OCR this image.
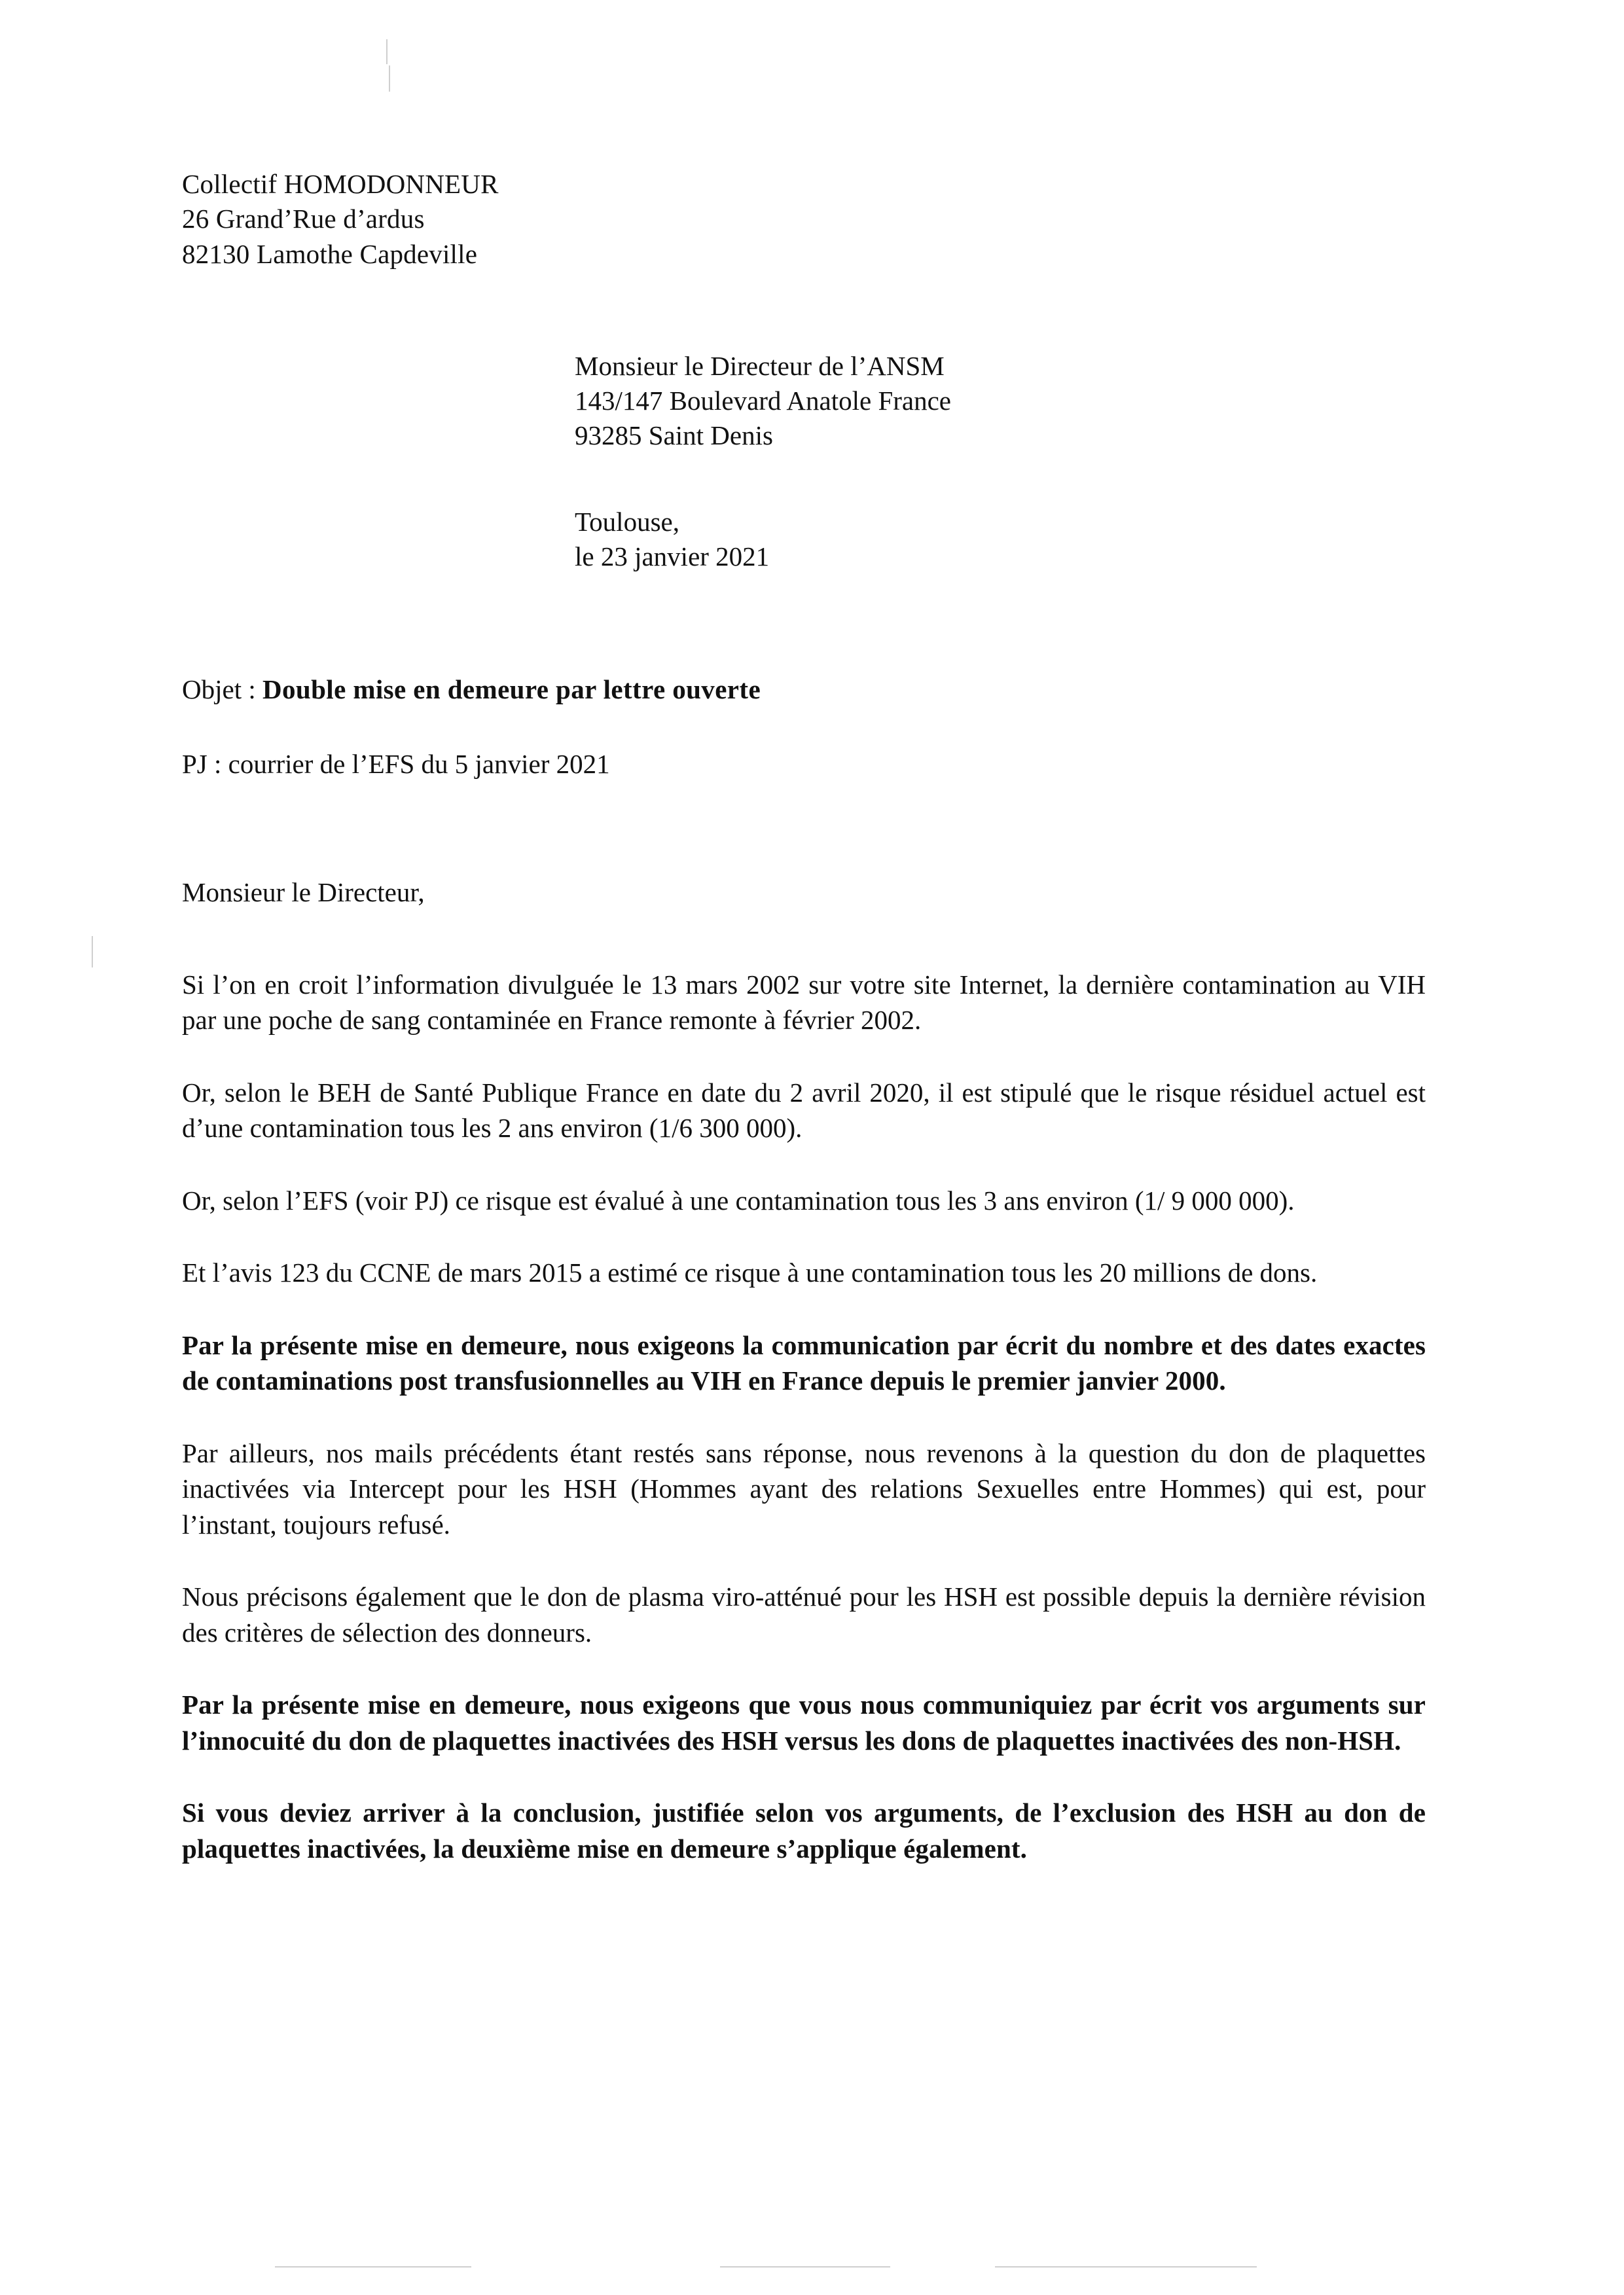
Collectif HOMODONNEUR
26 Grand’Rue d’ardus
82130 Lamothe Capdeville
Monsieur le Directeur de l’ANSM
143/147 Boulevard Anatole France
93285 Saint Denis
Toulouse,
le 23 janvier 2021
Objet : Double mise en demeure par lettre ouverte
PJ : courrier de l’EFS du 5 janvier 2021
Monsieur le Directeur,
Si l’on en croit l’information divulguée le 13 mars 2002 sur votre site Internet, la dernière contamination au VIH par une poche de sang contaminée en France remonte à février 2002.
Or, selon le BEH de Santé Publique France en date du 2 avril 2020, il est stipulé que le risque résiduel actuel est d’une contamination tous les 2 ans environ (1/6 300 000).
Or, selon l’EFS (voir PJ) ce risque est évalué à une contamination tous les 3 ans environ (1/ 9 000 000).
Et l’avis 123 du CCNE de mars 2015 a estimé ce risque à une contamination tous les 20 millions de dons.
Par la présente mise en demeure, nous exigeons la communication par écrit du nombre et des dates exactes de contaminations post transfusionnelles au VIH en France depuis le premier janvier 2000.
Par ailleurs, nos mails précédents étant restés sans réponse, nous revenons à la question du don de plaquettes inactivées via Intercept pour les HSH (Hommes ayant des relations Sexuelles entre Hommes) qui est, pour l’instant, toujours refusé.
Nous précisons également que le don de plasma viro-atténué pour les HSH est possible depuis la dernière révision des critères de sélection des donneurs.
Par la présente mise en demeure, nous exigeons que vous nous communiquiez par écrit vos arguments sur l’innocuité du don de plaquettes inactivées des HSH versus les dons de plaquettes inactivées des non-HSH.
Si vous deviez arriver à la conclusion, justifiée selon vos arguments, de l’exclusion des HSH au don de plaquettes inactivées, la deuxième mise en demeure s’applique également.
